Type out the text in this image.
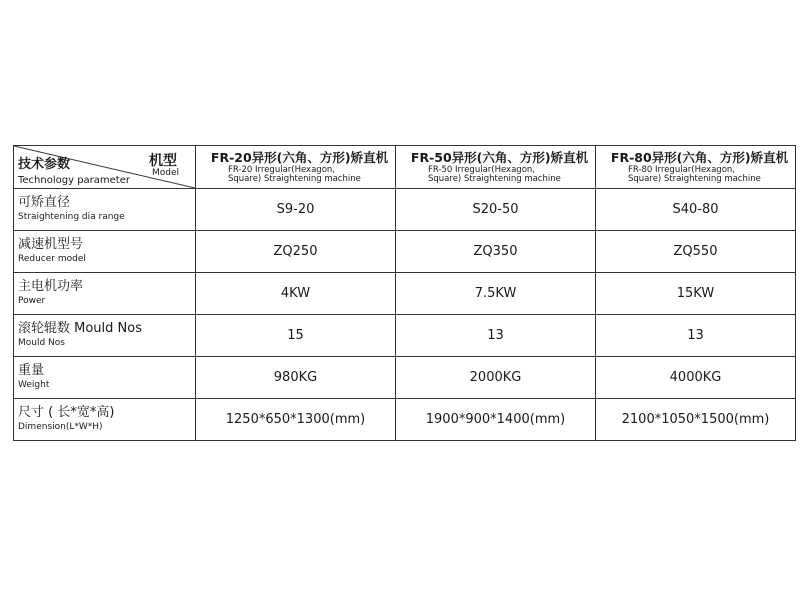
机型
Model
技术参数
Technology parameter	FR-20异形(六角、方形)矫直机
FR-20 Irregular(Hexagon,
Square) Straightening machine	FR-50异形(六角、方形)矫直机
FR-50 Irregular(Hexagon,
Square) Straightening machine	FR-80异形(六角、方形)矫直机
FR-80 Irregular(Hexagon,
Square) Straightening machine

可矫直径
Straightening dia range	S9-20	S20-50	S40-80

减速机型号
Reducer model	ZQ250	ZQ350	ZQ550

主电机功率
Power	4KW	7.5KW	15KW

滚轮辊数 Mould Nos
Mould Nos	15	13	13

重量
Weight	980KG	2000KG	4000KG

尺寸 ( 长*宽*高)
Dimension(L*W*H)	1250*650*1300(mm)	1900*900*1400(mm)	2100*1050*1500(mm)
